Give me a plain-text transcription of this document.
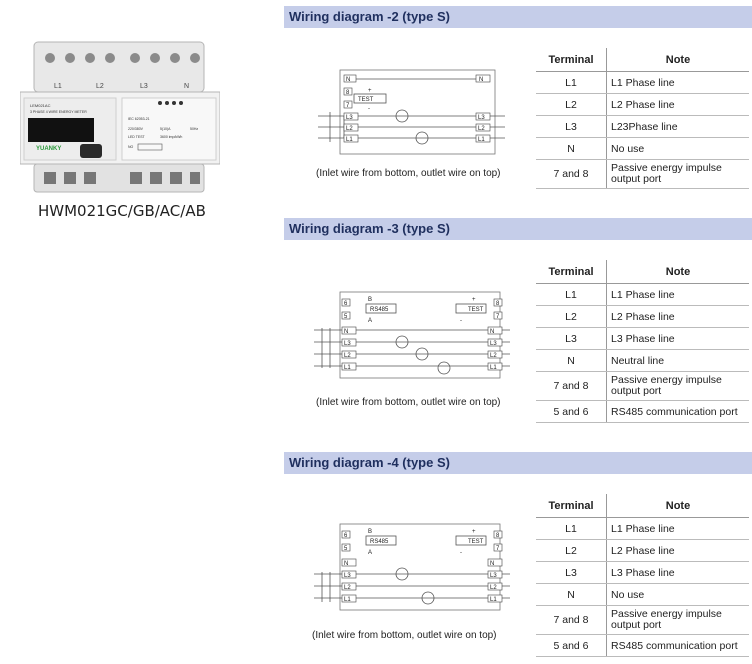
L1	L2	L3	N
LEM021AC
3 PHASE 4 WIRE ENERGY METER
YUANKY
IEC 62053-21
220/380V	5(10)A	50Hz
LED TEST	3600 imp/kWh
NO
HWM021GC/GB/AC/AB
Wiring diagram -2 (type S)
Wiring diagram -3 (type S)
Wiring diagram -4 (type S)
N
8
7
L3
L2
L1
N
L3
L2
L1
TEST
+
-
(Inlet wire from bottom, outlet wire on top)
6
5
N
L3
L2
L1
8
7
N
L3
L2
L1
B
A
RS485	TEST
+
-
(Inlet wire from bottom, outlet wire on top)
6
5
N
L3
L2
L1
8
7
N
L3
L2
L1
B
A
RS485	TEST
+
-
(Inlet wire from bottom, outlet wire on top)
Terminal	Note
L1	L1 Phase line
L2	L2 Phase line
L3	L23Phase line
N	No use
7 and 8	Passive energy impulse output port
Terminal	Note
L1	L1 Phase line
L2	L2 Phase line
L3	L3 Phase line
N	Neutral line
7 and 8	Passive energy impulse output port
5 and 6	RS485 communication port
Terminal	Note
L1	L1 Phase line
L2	L2 Phase line
L3	L3 Phase line
N	No use
7 and 8	Passive energy impulse output port
5 and 6	RS485 communication port
